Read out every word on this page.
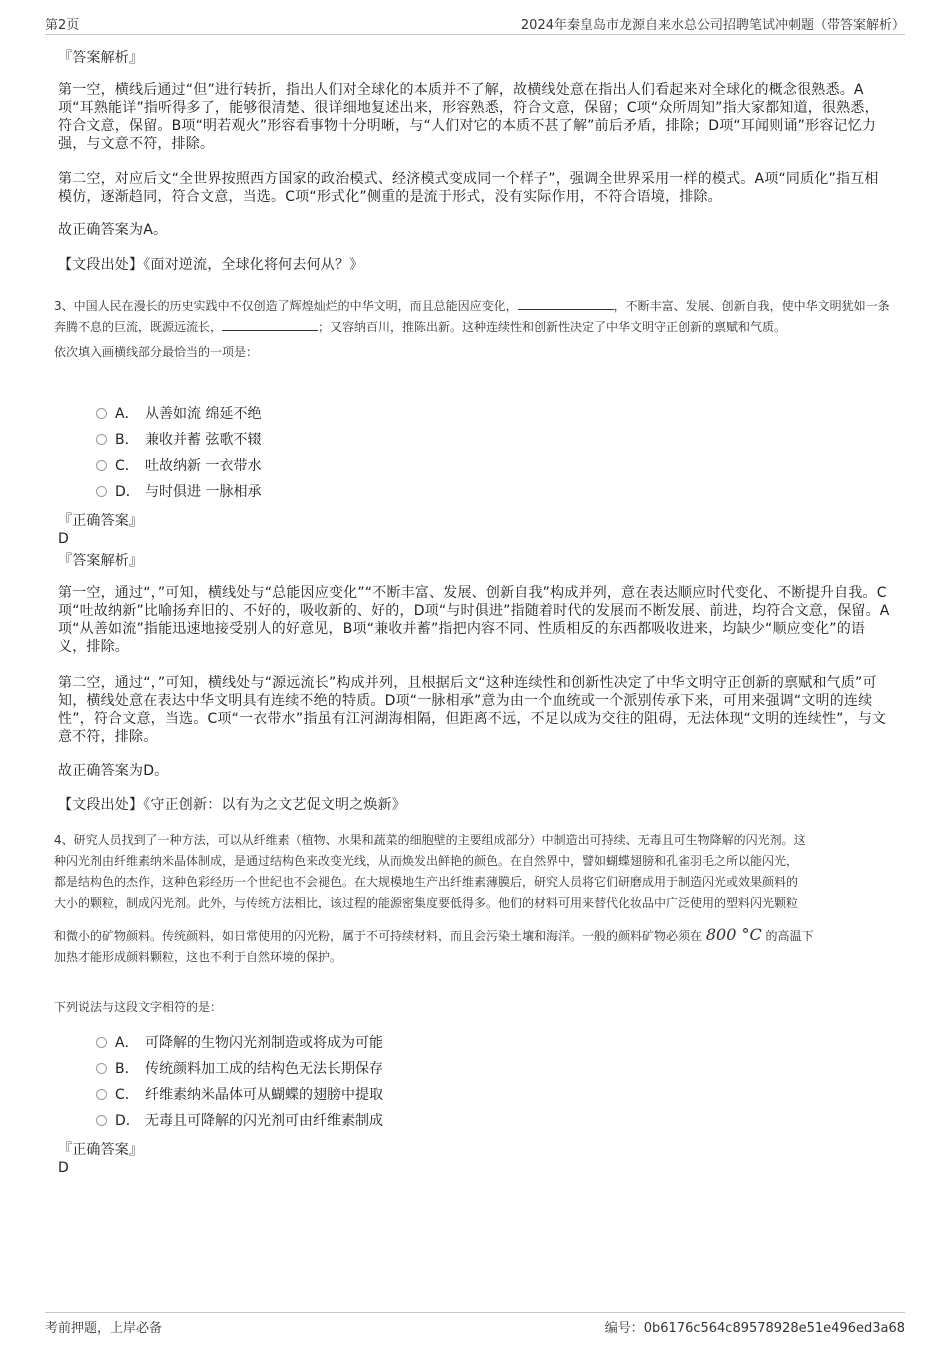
第2页	2024年秦皇岛市龙源自来水总公司招聘笔试冲刺题（带答案解析）
『答案解析』
第一空，横线后通过“但”进行转折，指出人们对全球化的本质并不了解，故横线处意在指出人们看起来对全球化的概念很熟悉。A项“耳熟能详”指听得多了，能够很清楚、很详细地复述出来，形容熟悉，符合文意，保留；C项“众所周知”指大家都知道，很熟悉，符合文意，保留。B项“明若观火”形容看事物十分明晰，与“人们对它的本质不甚了解”前后矛盾，排除；D项“耳闻则诵”形容记忆力强，与文意不符，排除。
第二空，对应后文“全世界按照西方国家的政治模式、经济模式变成同一个样子”，强调全世界采用一样的模式。A项“同质化”指互相模仿，逐渐趋同，符合文意，当选。C项“形式化”侧重的是流于形式，没有实际作用，不符合语境，排除。
故正确答案为A。
【文段出处】《面对逆流，全球化将何去何从？》
3、中国人民在漫长的历史实践中不仅创造了辉煌灿烂的中华文明，而且总能因应变化，	，不断丰富、发展、创新自我，使中华文明犹如一条奔腾不息的巨流，既源远流长，	；又容纳百川，推陈出新。这种连续性和创新性决定了中华文明守正创新的禀赋和气质。
依次填入画横线部分最恰当的一项是：
A． 从善如流 绵延不绝
B． 兼收并蓄 弦歌不辍
C． 吐故纳新 一衣带水
D． 与时俱进 一脉相承
『正确答案』
D
『答案解析』
第一空，通过“，”可知，横线处与“总能因应变化”“不断丰富、发展、创新自我”构成并列，意在表达顺应时代变化、不断提升自我。C项“吐故纳新”比喻扬弃旧的、不好的，吸收新的、好的，D项“与时俱进”指随着时代的发展而不断发展、前进，均符合文意，保留。A项“从善如流”指能迅速地接受别人的好意见，B项“兼收并蓄”指把内容不同、性质相反的东西都吸收进来，均缺少“顺应变化”的语义，排除。
第二空，通过“，”可知，横线处与“源远流长”构成并列，且根据后文“这种连续性和创新性决定了中华文明守正创新的禀赋和气质”可知，横线处意在表达中华文明具有连续不绝的特质。D项“一脉相承”意为由一个血统或一个派别传承下来，可用来强调“文明的连续性”，符合文意，当选。C项“一衣带水”指虽有江河湖海相隔，但距离不远，不足以成为交往的阻碍，无法体现“文明的连续性”，与文意不符，排除。
故正确答案为D。
【文段出处】《守正创新：以有为之文艺促文明之焕新》
4、研究人员找到了一种方法，可以从纤维素（植物、水果和蔬菜的细胞壁的主要组成部分）中制造出可持续、无毒且可生物降解的闪光剂。这
种闪光剂由纤维素纳米晶体制成，是通过结构色来改变光线，从而焕发出鲜艳的颜色。在自然界中，譬如蝴蝶翅膀和孔雀羽毛之所以能闪光，
都是结构色的杰作，这种色彩经历一个世纪也不会褪色。在大规模地生产出纤维素薄膜后，研究人员将它们研磨成用于制造闪光或效果颜料的
大小的颗粒，制成闪光剂。此外，与传统方法相比，该过程的能源密集度要低得多。他们的材料可用来替代化妆品中广泛使用的塑料闪光颗粒
和微小的矿物颜料。传统颜料，如日常使用的闪光粉，属于不可持续材料，而且会污染土壤和海洋。一般的颜料矿物必须在 800 °C 的高温下
加热才能形成颜料颗粒，这也不利于自然环境的保护。
下列说法与这段文字相符的是：
A． 可降解的生物闪光剂制造或将成为可能
B． 传统颜料加工成的结构色无法长期保存
C． 纤维素纳米晶体可从蝴蝶的翅膀中提取
D． 无毒且可降解的闪光剂可由纤维素制成
『正确答案』
D
考前押题，上岸必备	编号：0b6176c564c89578928e51e496ed3a68
